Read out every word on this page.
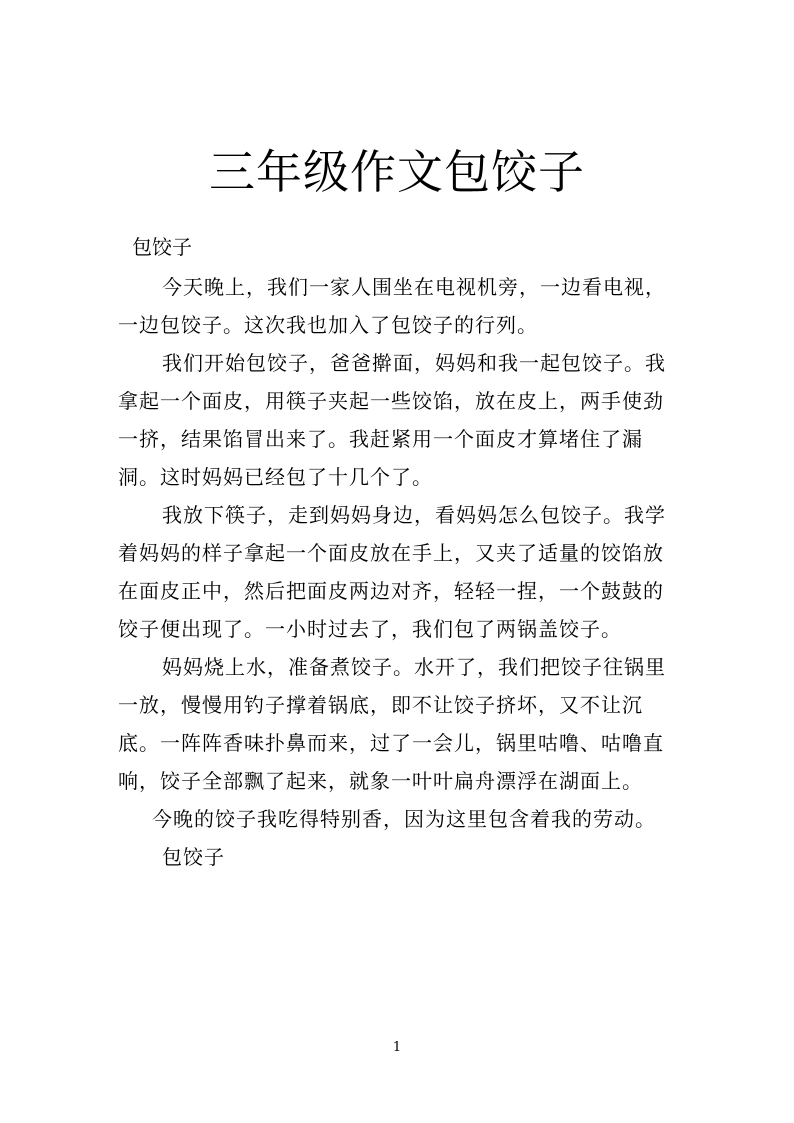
三年级作文包饺子
包饺子

今天晚上，我们一家人围坐在电视机旁，一边看电视，一边包饺子。这次我也加入了包饺子的行列。

我们开始包饺子，爸爸擀面，妈妈和我一起包饺子。我拿起一个面皮，用筷子夹起一些饺馅，放在皮上，两手使劲一挤，结果馅冒出来了。我赶紧用一个面皮才算堵住了漏洞。这时妈妈已经包了十几个了。

我放下筷子，走到妈妈身边，看妈妈怎么包饺子。我学着妈妈的样子拿起一个面皮放在手上，又夹了适量的饺馅放在面皮正中，然后把面皮两边对齐，轻轻一捏，一个鼓鼓的饺子便出现了。一小时过去了，我们包了两锅盖饺子。

妈妈烧上水，准备煮饺子。水开了，我们把饺子往锅里一放，慢慢用钓子撑着锅底，即不让饺子挤坏，又不让沉底。一阵阵香味扑鼻而来，过了一会儿，锅里咕噜、咕噜直响，饺子全部飘了起来，就象一叶叶扁舟漂浮在湖面上。

今晚的饺子我吃得特别香，因为这里包含着我的劳动。

包饺子

1
